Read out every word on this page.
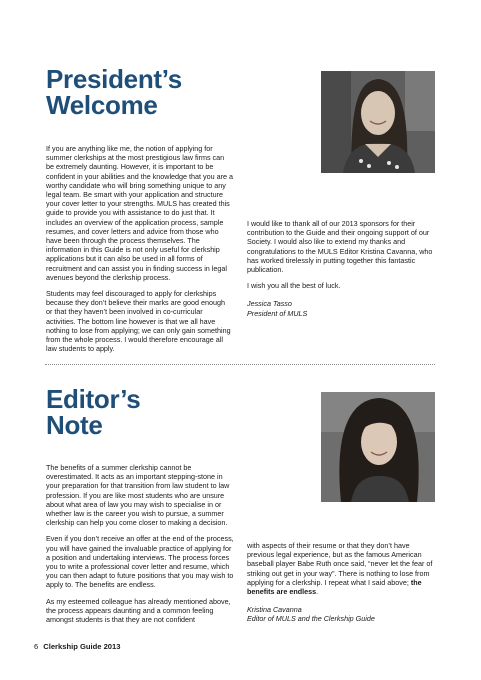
President’s
Welcome

If you are anything like me, the notion of applying for summer clerkships at the most prestigious law firms can be extremely daunting. However, it is important to be confident in your abilities and the knowledge that you are a worthy candidate who will bring something unique to any legal team. Be smart with your application and structure your cover letter to your strengths. MULS has created this guide to provide you with assistance to do just that. It includes an overview of the application process, sample resumes, and cover letters and advice from those who have been through the process themselves. The information in this Guide is not only useful for clerkship applications but it can also be used in all forms of recruitment and can assist you in finding success in legal avenues beyond the clerkship process.

Students may feel discouraged to apply for clerkships because they don’t believe their marks are good enough or that they haven’t been involved in co-curricular activities. The bottom line however is that we all have nothing to lose from applying; we can only gain something from the whole process. I would therefore encourage all law students to apply.

I would like to thank all of our 2013 sponsors for their contribution to the Guide and their ongoing support of our Society. I would also like to extend my thanks and congratulations to the MULS Editor Kristina Cavanna, who has worked tirelessly in putting together this fantastic publication.

I wish you all the best of luck.

Jessica Tasso
President of MULS

Editor’s
Note

The benefits of a summer clerkship cannot be overestimated. It acts as an important stepping-stone in your preparation for that transition from law student to law profession. If you are like most students who are unsure about what area of law you may wish to specialise in or whether law is the career you wish to pursue, a summer clerkship can help you come closer to making a decision.

Even if you don’t receive an offer at the end of the process, you will have gained the invaluable practice of applying for a position and undertaking interviews. The process forces you to write a professional cover letter and resume, which you can then adapt to future positions that you may wish to apply to. The benefits are endless.

As my esteemed colleague has already mentioned above, the process appears daunting and a common feeling amongst students is that they are not confident

with aspects of their resume or that they don’t have previous legal experience, but as the famous American baseball player Babe Ruth once said, “never let the fear of striking out get in your way”. There is nothing to lose from applying for a clerkship. I repeat what I said above; the benefits are endless.

Kristina Cavanna
Editor of MULS and the Clerkship Guide

6 Clerkship Guide 2013
